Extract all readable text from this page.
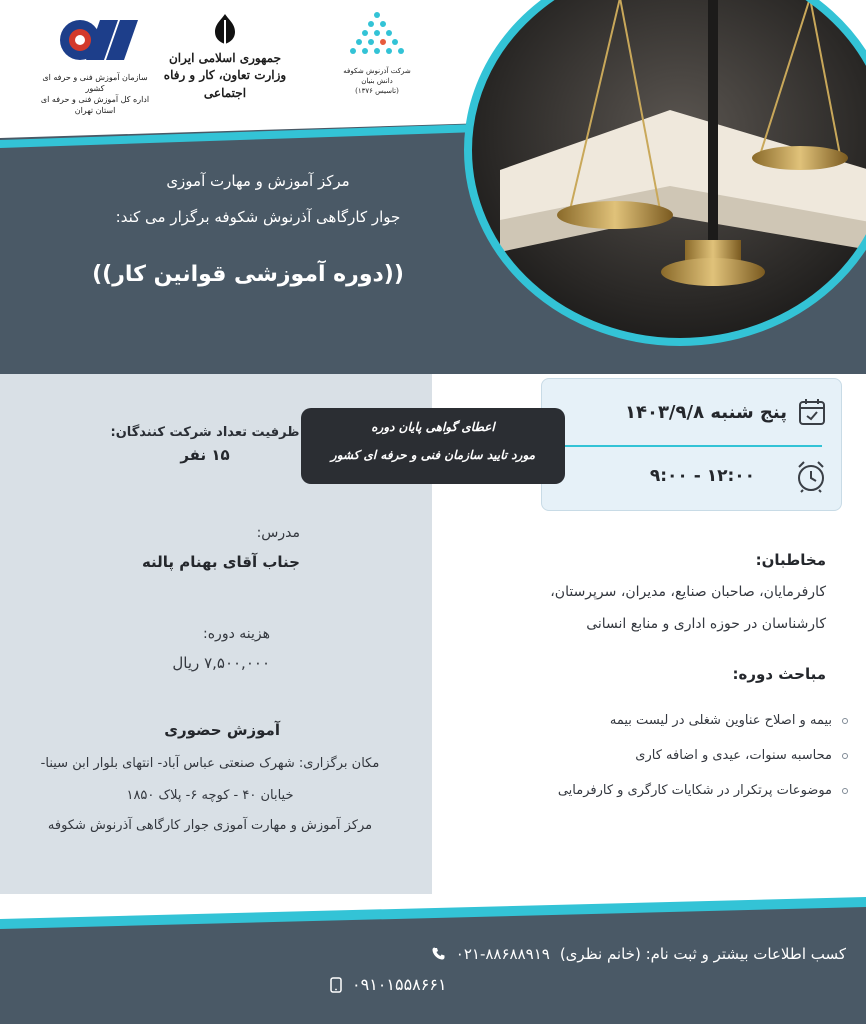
سازمان آموزش فنی و حرفه ای کشور
اداره کل آموزش فنی و حرفه ای استان تهران
جمهوری اسلامی ایران
وزارت تعاون، کار و رفاه اجتماعی
شرکت آذرنوش شکوفه
دانش بنیان
(تاسیس ۱۳۷۶)
مرکز آموزش و مهارت آموزی
جوار کارگاهی آذرنوش شکوفه برگزار می کند:
((دوره آموزشی قوانین کار))
پنج شنبه ۱۴۰۳/۹/۸
۹:۰۰ - ۱۲:۰۰
اعطای گواهی پایان دوره
مورد تایید سازمان فنی و حرفه ای کشور
ظرفیت تعداد شرکت کنندگان:
۱۵ نفر
مدرس:
جناب آقای بهنام پالنه
هزینه دوره:
۷,۵۰۰,۰۰۰ ریال
آموزش حضوری
مکان برگزاری: شهرک صنعتی عباس آباد- انتهای بلوار ابن سینا-
خیابان ۴۰ - کوچه ۶- پلاک ۱۸۵۰
مرکز آموزش و مهارت آموزی جوار کارگاهی آذرنوش شکوفه
مخاطبان:
کارفرمایان، صاحبان صنایع، مدیران، سرپرستان،
کارشناسان در حوزه اداری و منابع انسانی
مباحث دوره:
بیمه و اصلاح عناوین شغلی در لیست بیمه
محاسبه سنوات، عیدی و اضافه کاری
موضوعات پرتکرار در شکایات کارگری و کارفرمایی
کسب اطلاعات بیشتر و ثبت نام: (خانم نظری)
۰۲۱-۸۸۶۸۸۹۱۹
۰۹۱۰۱۵۵۸۶۶۱
